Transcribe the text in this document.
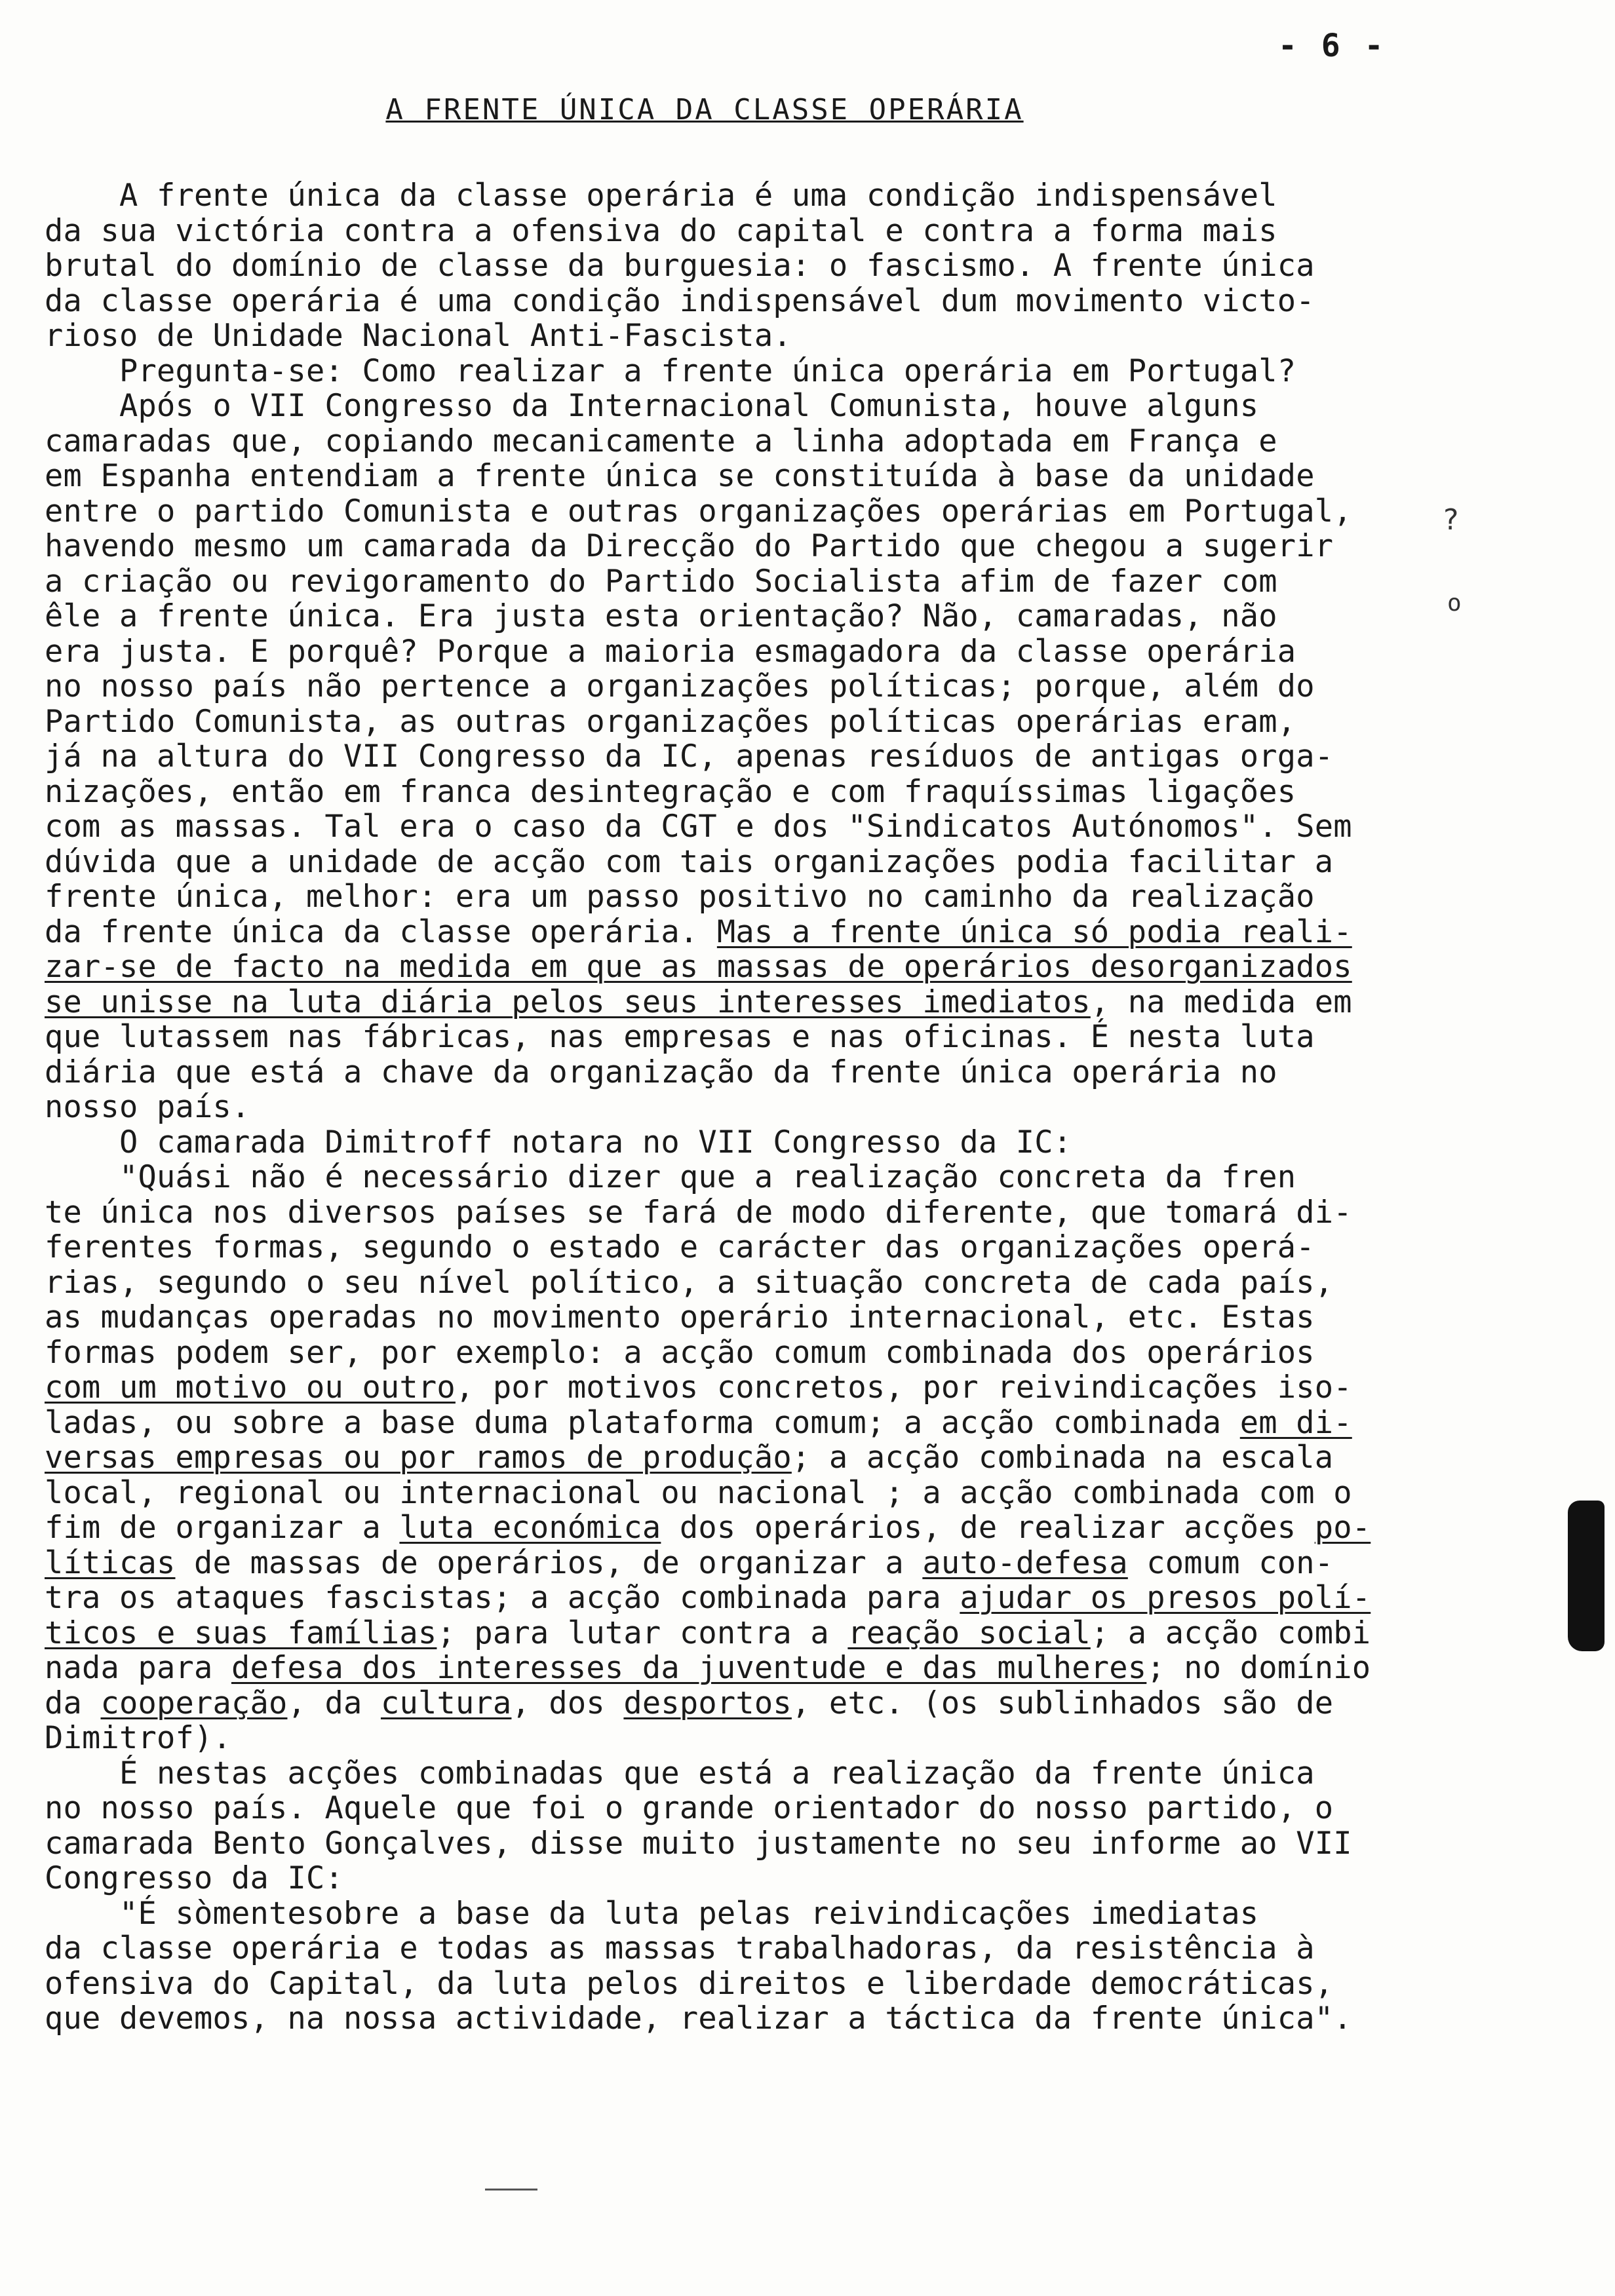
- 6 -
A FRENTE ÚNICA DA CLASSE OPERÁRIA
A frente única da classe operária é uma condição indispensável
da sua victória contra a ofensiva do capital e contra a forma mais
brutal do domínio de classe da burguesia: o fascismo. A frente única
da classe operária é uma condição indispensável dum movimento victo-
rioso de Unidade Nacional Anti-Fascista.
Pregunta-se: Como realizar a frente única operária em Portugal?
Após o VII Congresso da Internacional Comunista, houve alguns
camaradas que, copiando mecanicamente a linha adoptada em França e
em Espanha entendiam a frente única se constituída à base da unidade
entre o partido Comunista e outras organizações operárias em Portugal,
havendo mesmo um camarada da Direcção do Partido que chegou a sugerir
a criação ou revigoramento do Partido Socialista afim de fazer com
êle a frente única. Era justa esta orientação? Não, camaradas, não
era justa. E porquê? Porque a maioria esmagadora da classe operária
no nosso país não pertence a organizações políticas; porque, além do
Partido Comunista, as outras organizações políticas operárias eram,
já na altura do VII Congresso da IC, apenas resíduos de antigas orga-
nizações, então em franca desintegração e com fraquíssimas ligações
com as massas. Tal era o caso da CGT e dos "Sindicatos Autónomos". Sem
dúvida que a unidade de acção com tais organizações podia facilitar a
frente única, melhor: era um passo positivo no caminho da realização
da frente única da classe operária. Mas a frente única só podia reali-
zar-se de facto na medida em que as massas de operários desorganizados
se unisse na luta diária pelos seus interesses imediatos, na medida em
que lutassem nas fábricas, nas empresas e nas oficinas. É nesta luta
diária que está a chave da organização da frente única operária no
nosso país.
O camarada Dimitroff notara no VII Congresso da IC:
"Quási não é necessário dizer que a realização concreta da fren
te única nos diversos países se fará de modo diferente, que tomará di-
ferentes formas, segundo o estado e carácter das organizações operá-
rias, segundo o seu nível político, a situação concreta de cada país,
as mudanças operadas no movimento operário internacional, etc. Estas
formas podem ser, por exemplo: a acção comum combinada dos operários
com um motivo ou outro, por motivos concretos, por reivindicações iso-
ladas, ou sobre a base duma plataforma comum; a acção combinada em di-
versas empresas ou por ramos de produção; a acção combinada na escala
local, regional ou internacional ou nacional ; a acção combinada com o
fim de organizar a luta económica dos operários, de realizar acções po-
líticas de massas de operários, de organizar a auto-defesa comum con-
tra os ataques fascistas; a acção combinada para ajudar os presos polí-
ticos e suas famílias; para lutar contra a reação social; a acção combi
nada para defesa dos interesses da juventude e das mulheres; no domínio
da cooperação, da cultura, dos desportos, etc. (os sublinhados são de
Dimitrof).
É nestas acções combinadas que está a realização da frente única
no nosso país. Aquele que foi o grande orientador do nosso partido, o
camarada Bento Gonçalves, disse muito justamente no seu informe ao VII
Congresso da IC:
"É sòmentesobre a base da luta pelas reivindicações imediatas
da classe operária e todas as massas trabalhadoras, da resistência à
ofensiva do Capital, da luta pelos direitos e liberdade democráticas,
que devemos, na nossa actividade, realizar a táctica da frente única".
?
o
